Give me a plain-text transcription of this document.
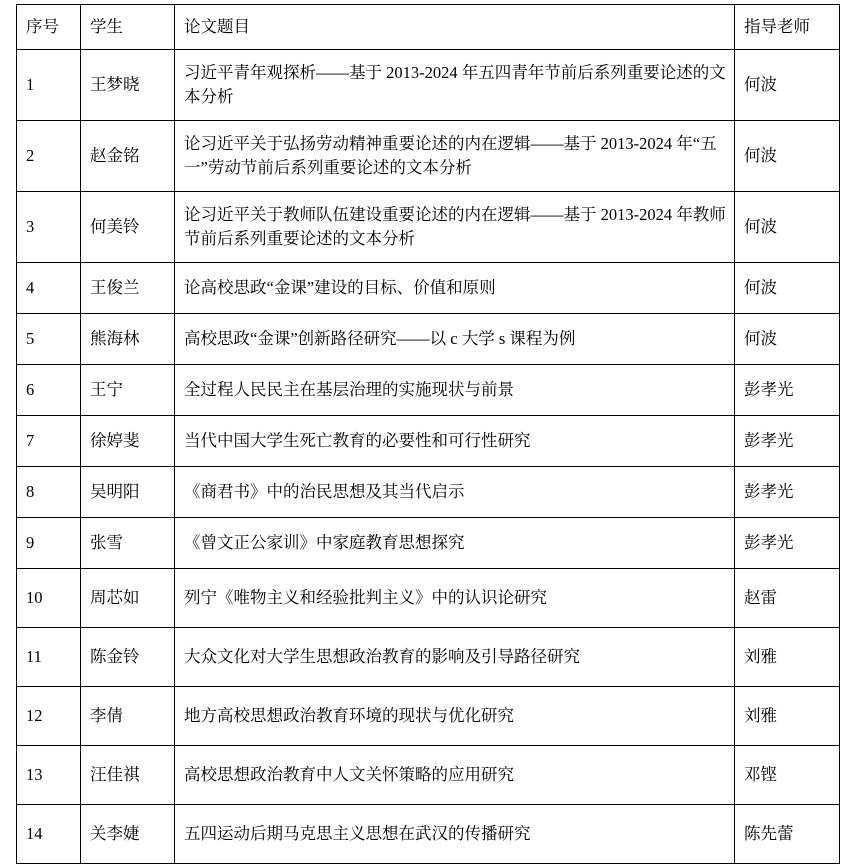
序号	学生	论文题目	指导老师
1	王梦晓	习近平青年观探析——基于 2013-2024 年五四青年节前后系列重要论述的文本分析	何波
2	赵金铭	论习近平关于弘扬劳动精神重要论述的内在逻辑——基于 2013-2024 年“五一”劳动节前后系列重要论述的文本分析	何波
3	何美铃	论习近平关于教师队伍建设重要论述的内在逻辑——基于 2013-2024 年教师节前后系列重要论述的文本分析	何波
4	王俊兰	论高校思政“金课”建设的目标、价值和原则	何波
5	熊海林	高校思政“金课”创新路径研究——以 c 大学 s 课程为例	何波
6	王宁	全过程人民民主在基层治理的实施现状与前景	彭孝光
7	徐婷斐	当代中国大学生死亡教育的必要性和可行性研究	彭孝光
8	吴明阳	《商君书》中的治民思想及其当代启示	彭孝光
9	张雪	《曾文正公家训》中家庭教育思想探究	彭孝光
10	周芯如	列宁《唯物主义和经验批判主义》中的认识论研究	赵雷
11	陈金铃	大众文化对大学生思想政治教育的影响及引导路径研究	刘雅
12	李倩	地方高校思想政治教育环境的现状与优化研究	刘雅
13	汪佳祺	高校思想政治教育中人文关怀策略的应用研究	邓铿
14	关李婕	五四运动后期马克思主义思想在武汉的传播研究	陈先蕾
